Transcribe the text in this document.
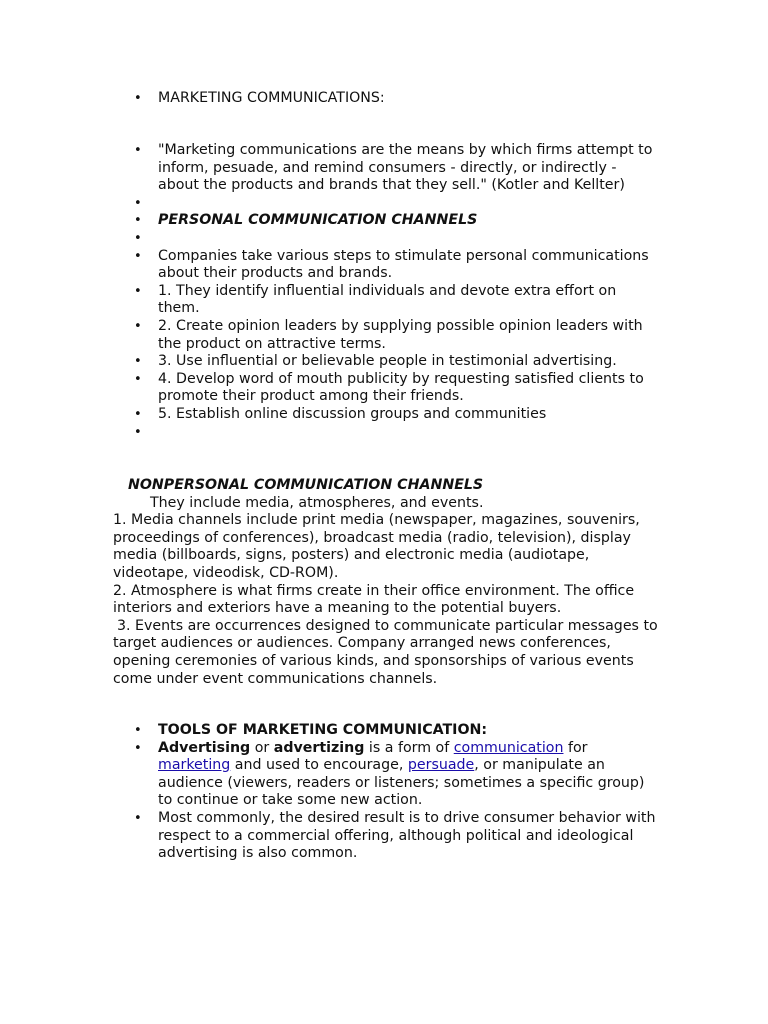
• MARKETING COMMUNICATIONS:
• "Marketing communications are the means by which firms attempt to inform, pesuade, and remind consumers - directly, or indirectly - about the products and brands that they sell." (Kotler and Kellter)
•
• PERSONAL COMMUNICATION CHANNELS
•
• Companies take various steps to stimulate personal communications about their products and brands.
• 1. They identify influential individuals and devote extra effort on them.
• 2. Create opinion leaders by supplying possible opinion leaders with the product on attractive terms.
• 3. Use influential or believable people in testimonial advertising.
• 4. Develop word of mouth publicity by requesting satisfied clients to promote their product among their friends.
• 5. Establish online discussion groups and communities
•

NONPERSONAL COMMUNICATION CHANNELS

They include media, atmospheres, and events.

1. Media channels include print media (newspaper, magazines, souvenirs, proceedings of conferences), broadcast media (radio, television), display media (billboards, signs, posters) and electronic media (audiotape, videotape, videodisk, CD-ROM).

2. Atmosphere is what firms create in their office environment. The office interiors and exteriors have a meaning to the potential buyers.

3. Events are occurrences designed to communicate particular messages to target audiences or audiences. Company arranged news conferences, opening ceremonies of various kinds, and sponsorships of various events come under event communications channels.

• TOOLS OF MARKETING COMMUNICATION:
• Advertising or advertizing is a form of communication for marketing and used to encourage, persuade, or manipulate an audience (viewers, readers or listeners; sometimes a specific group) to continue or take some new action.
• Most commonly, the desired result is to drive consumer behavior with respect to a commercial offering, although political and ideological advertising is also common.
